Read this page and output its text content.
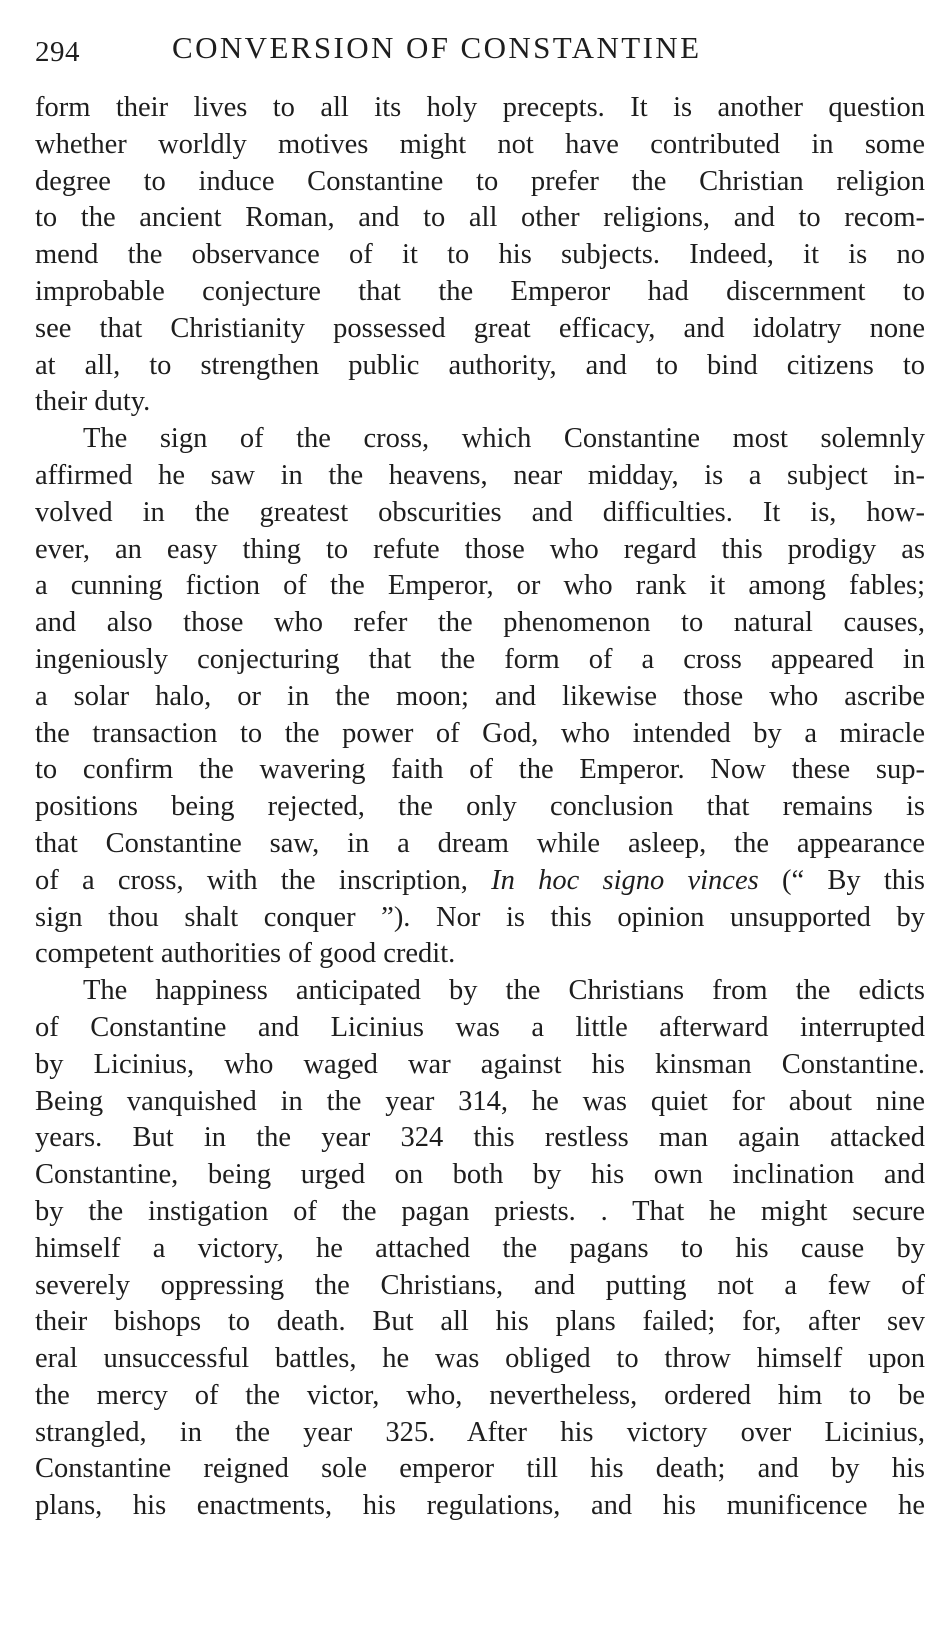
294	CONVERSION OF CONSTANTINE
form their lives to all its holy precepts. It is another question
whether worldly motives might not have contributed in some
degree to induce Constantine to prefer the Christian religion
to the ancient Roman, and to all other religions, and to recom-
mend the observance of it to his subjects. Indeed, it is no
improbable conjecture that the Emperor had discernment to
see that Christianity possessed great efficacy, and idolatry none
at all, to strengthen public authority, and to bind citizens to
their duty.
The sign of the cross, which Constantine most solemnly
affirmed he saw in the heavens, near midday, is a subject in-
volved in the greatest obscurities and difficulties. It is, how-
ever, an easy thing to refute those who regard this prodigy as
a cunning fiction of the Emperor, or who rank it among fables;
and also those who refer the phenomenon to natural causes,
ingeniously conjecturing that the form of a cross appeared in
a solar halo, or in the moon; and likewise those who ascribe
the transaction to the power of God, who intended by a miracle
to confirm the wavering faith of the Emperor. Now these sup-
positions being rejected, the only conclusion that remains is
that Constantine saw, in a dream while asleep, the appearance
of a cross, with the inscription, In hoc signo vinces (“ By this
sign thou shalt conquer ”). Nor is this opinion unsupported by
competent authorities of good credit.
The happiness anticipated by the Christians from the edicts
of Constantine and Licinius was a little afterward interrupted
by Licinius, who waged war against his kinsman Constantine.
Being vanquished in the year 314, he was quiet for about nine
years. But in the year 324 this restless man again attacked
Constantine, being urged on both by his own inclination and
by the instigation of the pagan priests. . That he might secure
himself a victory, he attached the pagans to his cause by
severely oppressing the Christians, and putting not a few of
their bishops to death. But all his plans failed; for, after sev
eral unsuccessful battles, he was obliged to throw himself upon
the mercy of the victor, who, nevertheless, ordered him to be
strangled, in the year 325. After his victory over Licinius,
Constantine reigned sole emperor till his death; and by his
plans, his enactments, his regulations, and his munificence he
